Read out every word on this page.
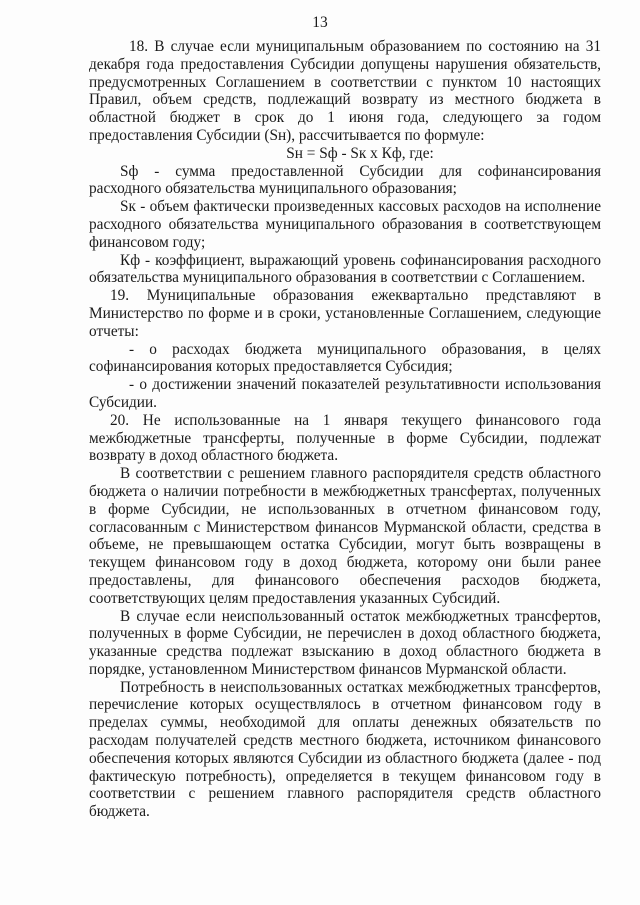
13

18. В случае если муниципальным образованием по состоянию на 31 декабря года предоставления Субсидии допущены нарушения обязательств, предусмотренных Соглашением в соответствии с пунктом 10 настоящих Правил, объем средств, подлежащий возврату из местного бюджета в областной бюджет в срок до 1 июня года, следующего за годом предоставления Субсидии (Sн), рассчитывается по формуле:

Sн = Sф - Sк х Кф, где:

Sф - сумма предоставленной Субсидии для софинансирования расходного обязательства муниципального образования;

Sк - объем фактически произведенных кассовых расходов на исполнение расходного обязательства муниципального образования в соответствующем финансовом году;

Кф - коэффициент, выражающий уровень софинансирования расходного обязательства муниципального образования в соответствии с Соглашением.

19. Муниципальные образования ежеквартально представляют в Министерство по форме и в сроки, установленные Соглашением, следующие отчеты:

- о расходах бюджета муниципального образования, в целях софинансирования которых предоставляется Субсидия;

- о достижении значений показателей результативности использования Субсидии.

20. Не использованные на 1 января текущего финансового года межбюджетные трансферты, полученные в форме Субсидии, подлежат возврату в доход областного бюджета.

В соответствии с решением главного распорядителя средств областного бюджета о наличии потребности в межбюджетных трансфертах, полученных в форме Субсидии, не использованных в отчетном финансовом году, согласованным с Министерством финансов Мурманской области, средства в объеме, не превышающем остатка Субсидии, могут быть возвращены в текущем финансовом году в доход бюджета, которому они были ранее предоставлены, для финансового обеспечения расходов бюджета, соответствующих целям предоставления указанных Субсидий.

В случае если неиспользованный остаток межбюджетных трансфертов, полученных в форме Субсидии, не перечислен в доход областного бюджета, указанные средства подлежат взысканию в доход областного бюджета в порядке, установленном Министерством финансов Мурманской области.

Потребность в неиспользованных остатках межбюджетных трансфертов, перечисление которых осуществлялось в отчетном финансовом году в пределах суммы, необходимой для оплаты денежных обязательств по расходам получателей средств местного бюджета, источником финансового обеспечения которых являются Субсидии из областного бюджета (далее - под фактическую потребность), определяется в текущем финансовом году в соответствии с решением главного распорядителя средств областного бюджета.
